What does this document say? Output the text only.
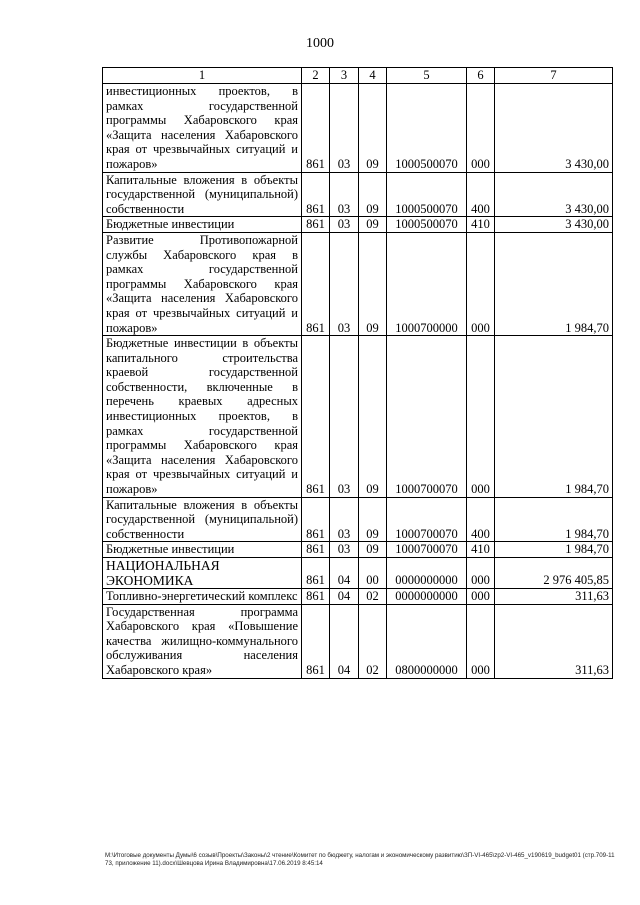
1000
1	2	3	4	5	6	7
инвестиционных проектов, в рамках государственной программы Хабаровского края «Защита населения Хабаровского края от чрезвычайных ситуаций и пожаров»	861	03	09	1000500070	000	3 430,00
Капитальные вложения в объекты государственной (муниципальной) собственности	861	03	09	1000500070	400	3 430,00
Бюджетные инвестиции	861	03	09	1000500070	410	3 430,00
Развитие Противопожарной службы Хабаровского края в рамках государственной программы Хабаровского края «Защита населения Хабаровского края от чрезвычайных ситуаций и пожаров»	861	03	09	1000700000	000	1 984,70
Бюджетные инвестиции в объекты капитального строительства краевой государственной собственности, включенные в перечень краевых адресных инвестиционных проектов, в рамках государственной программы Хабаровского края «Защита населения Хабаровского края от чрезвычайных ситуаций и пожаров»	861	03	09	1000700070	000	1 984,70
Капитальные вложения в объекты государственной (муниципальной) собственности	861	03	09	1000700070	400	1 984,70
Бюджетные инвестиции	861	03	09	1000700070	410	1 984,70
НАЦИОНАЛЬНАЯ ЭКОНОМИКА	861	04	00	0000000000	000	2 976 405,85
Топливно-энергетический комплекс	861	04	02	0000000000	000	311,63
Государственная программа Хабаровского края «Повышение качества жилищно-коммунального обслуживания населения Хабаровского края»	861	04	02	0800000000	000	311,63
M:\Итоговые документы Думы\6 созыв\Проекты\Законы\2 чтение\Комитет по бюджету, налогам и экономическому развитию\ЗП-VI-465\zp2-VI-465_v190619_budget01 (стр.709-1173, приложение 11).docx\Шевцова Ирина Владимировна\17.06.2019 8:45:14
